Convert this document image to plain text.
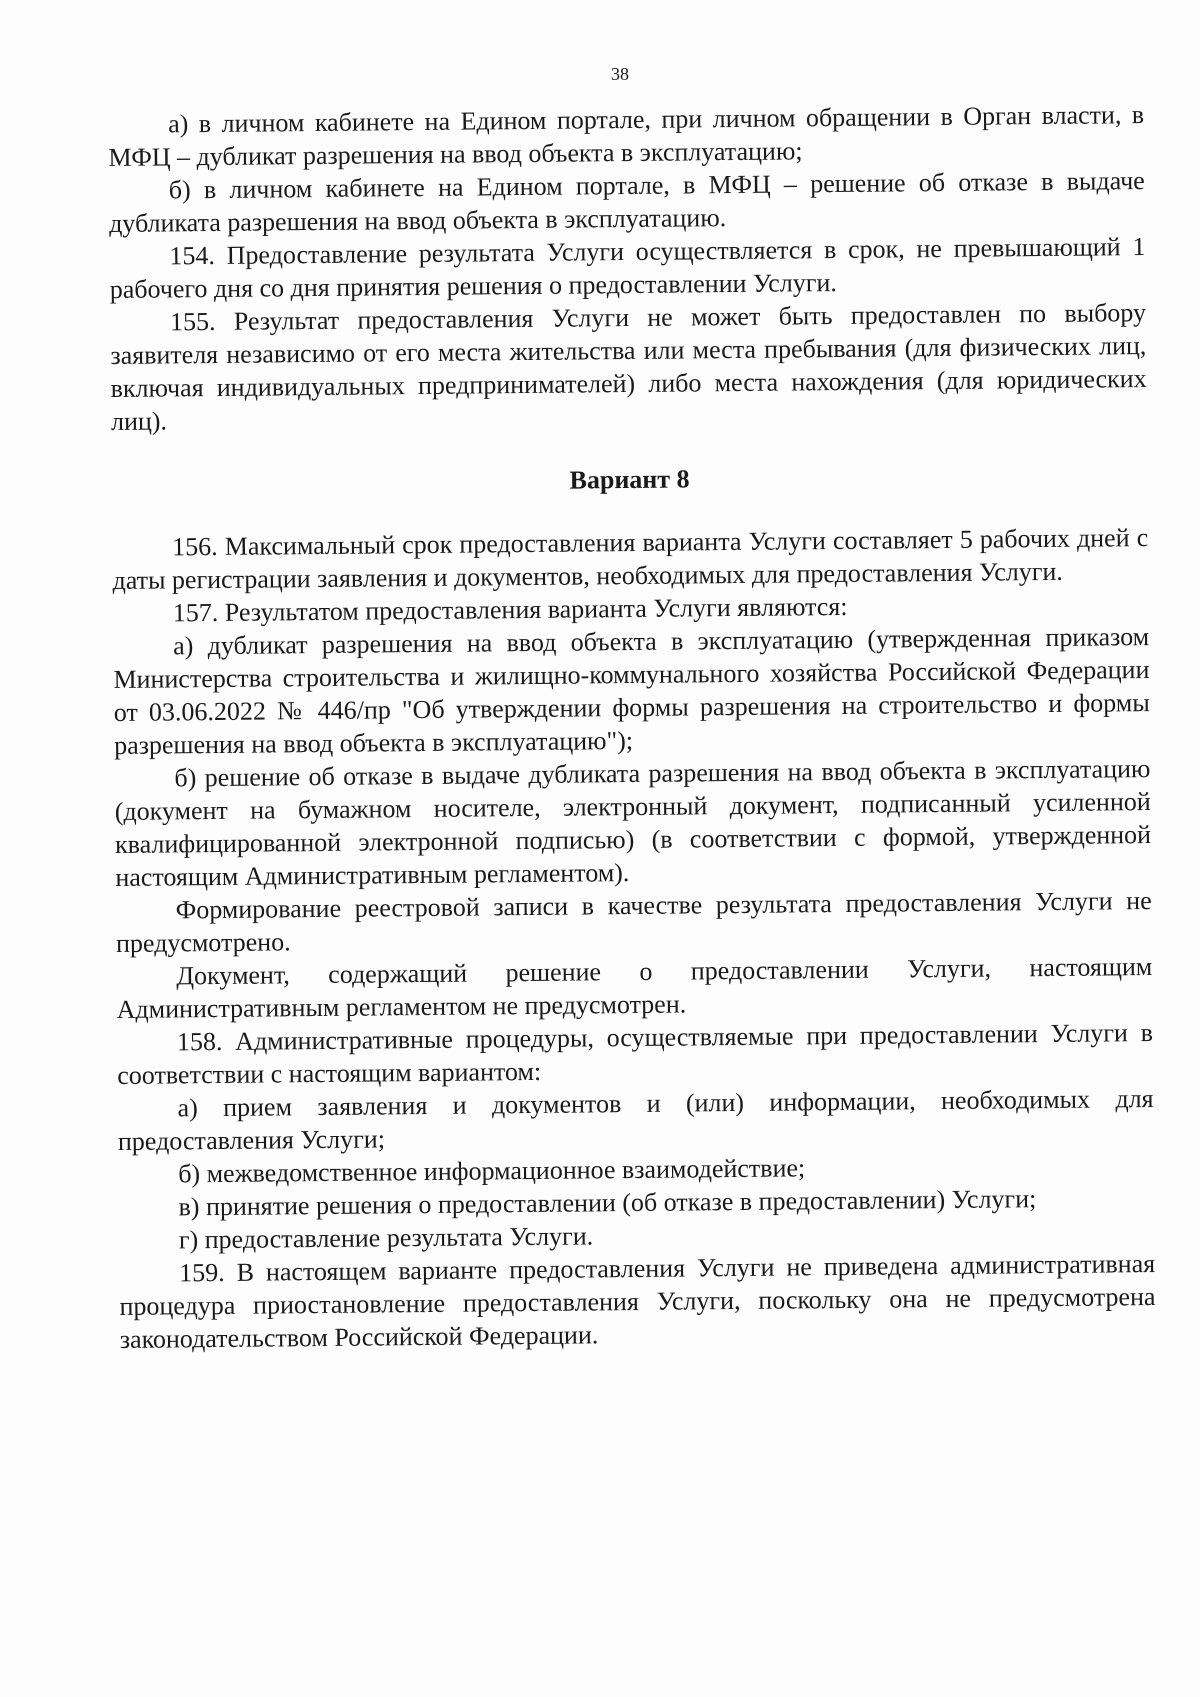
38

а) в личном кабинете на Едином портале, при личном обращении в Орган власти, в МФЦ – дубликат разрешения на ввод объекта в эксплуатацию;

б) в личном кабинете на Едином портале, в МФЦ – решение об отказе в выдаче дубликата разрешения на ввод объекта в эксплуатацию.

154. Предоставление результата Услуги осуществляется в срок, не превышающий 1 рабочего дня со дня принятия решения о предоставлении Услуги.

155. Результат предоставления Услуги не может быть предоставлен по выбору заявителя независимо от его места жительства или места пребывания (для физических лиц, включая индивидуальных предпринимателей) либо места нахождения (для юридических лиц).

Вариант 8

156. Максимальный срок предоставления варианта Услуги составляет 5 рабочих дней с даты регистрации заявления и документов, необходимых для предоставления Услуги.

157. Результатом предоставления варианта Услуги являются:

а) дубликат разрешения на ввод объекта в эксплуатацию (утвержденная приказом Министерства строительства и жилищно-коммунального хозяйства Российской Федерации от 03.06.2022 № 446/пр "Об утверждении формы разрешения на строительство и формы разрешения на ввод объекта в эксплуатацию");

б) решение об отказе в выдаче дубликата разрешения на ввод объекта в эксплуатацию (документ на бумажном носителе, электронный документ, подписанный усиленной квалифицированной электронной подписью) (в соответствии с формой, утвержденной настоящим Административным регламентом).

Формирование реестровой записи в качестве результата предоставления Услуги не предусмотрено.

Документ, содержащий решение о предоставлении Услуги, настоящим Административным регламентом не предусмотрен.

158. Административные процедуры, осуществляемые при предоставлении Услуги в соответствии с настоящим вариантом:

а) прием заявления и документов и (или) информации, необходимых для предоставления Услуги;

б) межведомственное информационное взаимодействие;

в) принятие решения о предоставлении (об отказе в предоставлении) Услуги;

г) предоставление результата Услуги.

159. В настоящем варианте предоставления Услуги не приведена административная процедура приостановление предоставления Услуги, поскольку она не предусмотрена законодательством Российской Федерации.
